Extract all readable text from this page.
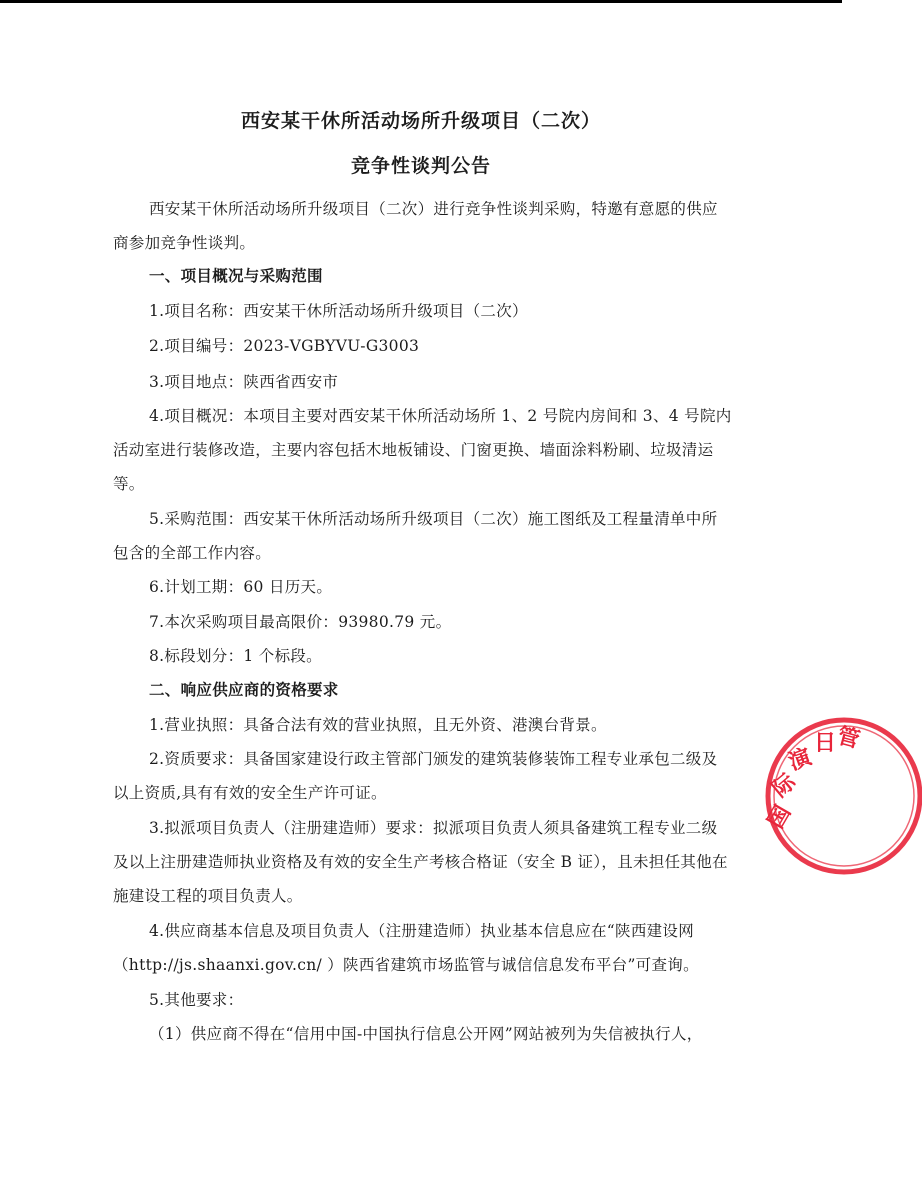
西安某干休所活动场所升级项目（二次）
竞争性谈判公告
西安某干休所活动场所升级项目（二次）进行竞争性谈判采购，特邀有意愿的供应
商参加竞争性谈判。
一、项目概况与采购范围
1.项目名称：西安某干休所活动场所升级项目（二次）
2.项目编号：2023-VGBYVU-G3003
3.项目地点：陕西省西安市
4.项目概况：本项目主要对西安某干休所活动场所 1、2 号院内房间和 3、4 号院内
活动室进行装修改造，主要内容包括木地板铺设、门窗更换、墙面涂料粉刷、垃圾清运
等。
5.采购范围：西安某干休所活动场所升级项目（二次）施工图纸及工程量清单中所
包含的全部工作内容。
6.计划工期：60 日历天。
7.本次采购项目最高限价：93980.79 元。
8.标段划分：1 个标段。
二、响应供应商的资格要求
1.营业执照：具备合法有效的营业执照，且无外资、港澳台背景。
2.资质要求：具备国家建设行政主管部门颁发的建筑装修装饰工程专业承包二级及
以上资质,具有有效的安全生产许可证。
3.拟派项目负责人（注册建造师）要求：拟派项目负责人须具备建筑工程专业二级
及以上注册建造师执业资格及有效的安全生产考核合格证（安全 B 证），且未担任其他在
施建设工程的项目负责人。
4.供应商基本信息及项目负责人（注册建造师）执业基本信息应在“陕西建设网
（http://js.shaanxi.gov.cn/ ）陕西省建筑市场监管与诚信信息发布平台”可查询。
5.其他要求：
（1）供应商不得在“信用中国-中国执行信息公开网”网站被列为失信被执行人，
国
际
演
日
管
